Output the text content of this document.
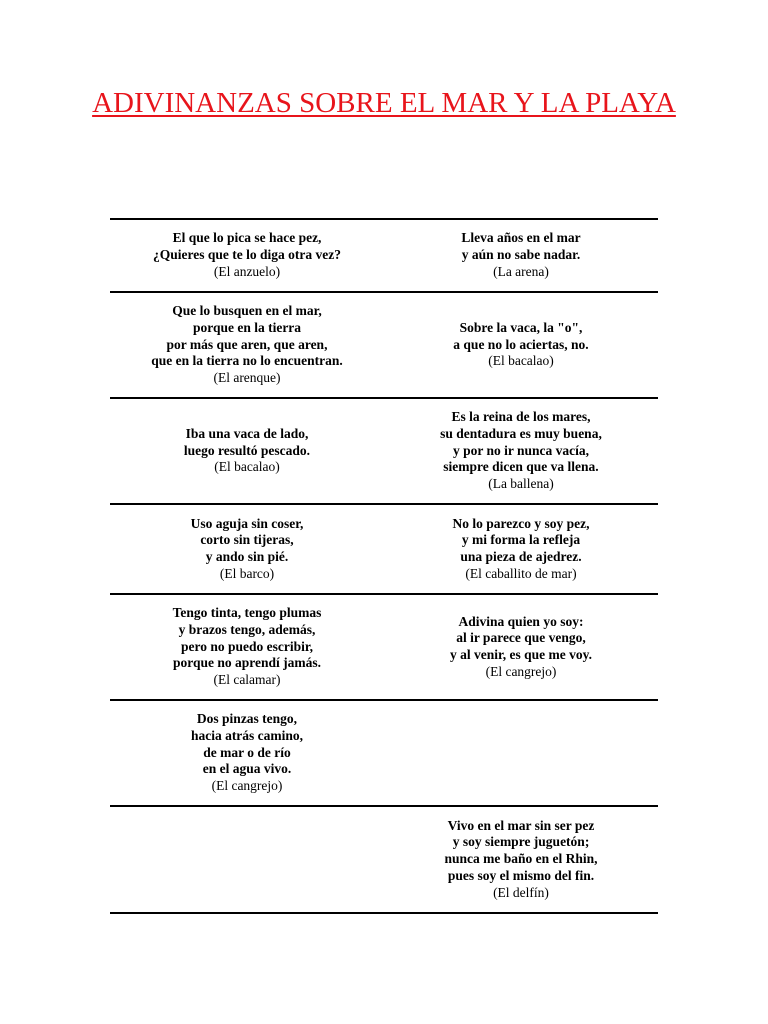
ADIVINANZAS SOBRE EL MAR Y LA PLAYA
El que lo pica se hace pez,
¿Quieres que te lo diga otra vez?
(El anzuelo)
Lleva años en el mar
y aún no sabe nadar.
(La arena)
Que lo busquen en el mar,
porque en la tierra
por más que aren, que aren,
que en la tierra no lo encuentran.
(El arenque)
Sobre la vaca, la "o",
a que no lo aciertas, no.
(El bacalao)
Iba una vaca de lado,
luego resultó pescado.
(El bacalao)
Es la reina de los mares,
su dentadura es muy buena,
y por no ir nunca vacía,
siempre dicen que va llena.
(La ballena)
Uso aguja sin coser,
corto sin tijeras,
y ando sin pié.
(El barco)
No lo parezco y soy pez,
y mi forma la refleja
una pieza de ajedrez.
(El caballito de mar)
Tengo tinta, tengo plumas
y brazos tengo, además,
pero no puedo escribir,
porque no aprendí jamás.
(El calamar)
Adivina quien yo soy:
al ir parece que vengo,
y al venir, es que me voy.
(El cangrejo)
Dos pinzas tengo,
hacia atrás camino,
de mar o de río
en el agua vivo.
(El cangrejo)
Vivo en el mar sin ser pez
y soy siempre juguetón;
nunca me baño en el Rhin,
pues soy el mismo del fin.
(El delfín)
